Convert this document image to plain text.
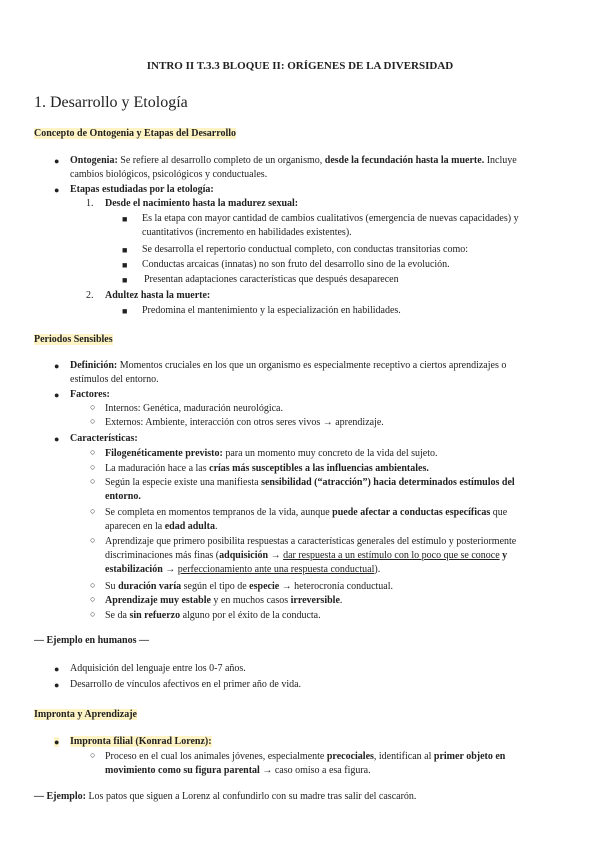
INTRO II T.3.3 BLOQUE II: ORÍGENES DE LA DIVERSIDAD
1. Desarrollo y Etología
Concepto de Ontogenia y Etapas del Desarrollo
● Ontogenia: Se refiere al desarrollo completo de un organismo, desde la fecundación hasta la muerte. Incluye
cambios biológicos, psicológicos y conductuales.
● Etapas estudiadas por la etología:
1. Desde el nacimiento hasta la madurez sexual:
■ Es la etapa con mayor cantidad de cambios cualitativos (emergencia de nuevas capacidades) y
cuantitativos (incremento en habilidades existentes).
■ Se desarrolla el repertorio conductual completo, con conductas transitorias como:
■ Conductas arcaicas (innatas) no son fruto del desarrollo sino de la evolución.
■ Presentan adaptaciones características que después desaparecen
2. Adultez hasta la muerte:
■ Predomina el mantenimiento y la especialización en habilidades.
Periodos Sensibles
● Definición: Momentos cruciales en los que un organismo es especialmente receptivo a ciertos aprendizajes o
estímulos del entorno.
● Factores:
○ Internos: Genética, maduración neurológica.
○ Externos: Ambiente, interacción con otros seres vivos → aprendizaje.
● Características:
○ Filogenéticamente previsto: para un momento muy concreto de la vida del sujeto.
○ La maduración hace a las crías más susceptibles a las influencias ambientales.
○ Según la especie existe una manifiesta sensibilidad (“atracción”) hacia determinados estímulos del
entorno.
○ Se completa en momentos tempranos de la vida, aunque puede afectar a conductas específicas que
aparecen en la edad adulta.
○ Aprendizaje que primero posibilita respuestas a características generales del estímulo y posteriormente
discriminaciones más finas (adquisición → dar respuesta a un estímulo con lo poco que se conoce y
estabilización → perfeccionamiento ante una respuesta conductual).
○ Su duración varía según el tipo de especie → heterocronía conductual.
○ Aprendizaje muy estable y en muchos casos irreversible.
○ Se da sin refuerzo alguno por el éxito de la conducta.
— Ejemplo en humanos —
● Adquisición del lenguaje entre los 0-7 años.
● Desarrollo de vínculos afectivos en el primer año de vida.
Impronta y Aprendizaje
● Impronta filial (Konrad Lorenz):
○ Proceso en el cual los animales jóvenes, especialmente precociales, identifican al primer objeto en
movimiento como su figura parental → caso omiso a esa figura.
— Ejemplo: Los patos que siguen a Lorenz al confundirlo con su madre tras salir del cascarón.
